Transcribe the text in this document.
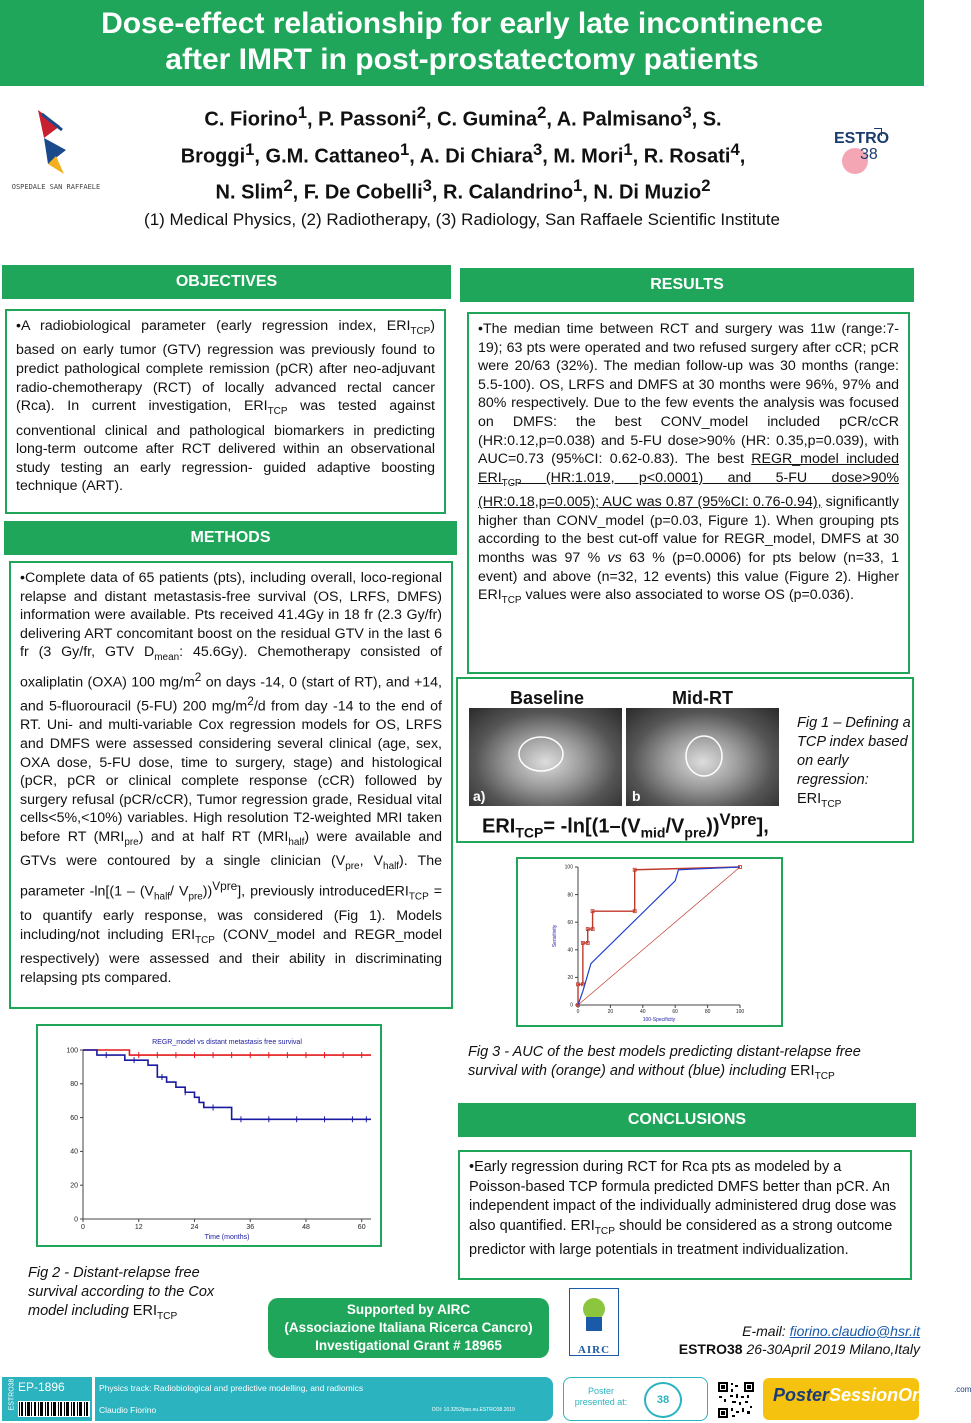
Dose-effect relationship for early late incontinence
after IMRT in post-prostatectomy patients
OSPEDALE SAN RAFFAELE
ESTRO
38
C. Fiorino$^1$, P. Passoni$^2$, C. Gumina$^2$, A. Palmisano$^3$, S.
Broggi$^1$, G.M. Cattaneo$^1$, A. Di Chiara$^3$, M. Mori$^1$, R. Rosati$^4$,
N. Slim$^2$, F. De Cobelli$^3$, R. Calandrino$^1$, N. Di Muzio$^2$
(1) Medical Physics, (2) Radiotherapy, (3) Radiology, San Raffaele Scientific Institute
OBJECTIVES

•A radiobiological parameter (early regression index, $ERI_{TCP}$) based on early tumor (GTV) regression was previously found to predict pathological complete remission (pCR) after neo-adjuvant radio-chemotherapy (RCT) of locally advanced rectal cancer (Rca). In current investigation, $ERI_{TCP}$ was tested against conventional clinical and pathological biomarkers in predicting long-term outcome after RCT delivered within an observational study testing an early regression- guided adaptive boosting technique (ART).

METHODS

•Complete data of 65 patients (pts), including overall, loco-regional relapse and distant metastasis-free survival (OS, LRFS, DMFS) information were available. Pts received 41.4Gy in 18 fr (2.3 Gy/fr) delivering ART concomitant boost on the residual GTV in the last 6 fr (3 Gy/fr, GTV $D_{mean}$: 45.6Gy). Chemotherapy consisted of oxaliplatin (OXA) 100 $mg/m^2$ on days -14, 0 (start of RT), and +14, and 5-fluorouracil (5-FU) 200 $mg/m^2/d$ from day -14 to the end of RT. Uni- and multi-variable Cox regression models for OS, LRFS and DMFS were assessed considering several clinical (age, sex, OXA dose, 5-FU dose, time to surgery, stage) and histological (pCR, pCR or clinical complete response (cCR) followed by surgery refusal (pCR/cCR), Tumor regression grade, Residual vital cells<5%,<10%) variables. High resolution T2-weighted MRI taken before RT $(MRI_{pre})$ and at half RT $(MRI_{half})$ were available and GTVs were contoured by a single clinician ($V_{pre}$, $V_{half}$). The parameter $-\ln[(1 - (V_{half}/$ $V_{pre}))^{Vpre}$], previously introducedERI$_{TCP}$ = to quantify early response, was considered (Fig 1). Models including/not including $ERI_{TCP}$ (CONV_model and REGR_model respectively) were assessed and their ability in discriminating relapsing pts compared.

RESULTS

•The median time between RCT and surgery was 11w (range:7-19); 63 pts were operated and two refused surgery after cCR; pCR were 20/63 (32%). The median follow-up was 30 months (range: 5.5-100). OS, LRFS and DMFS at 30 months were 96%, 97% and 80% respectively. Due to the few events the analysis was focused on DMFS: the best CONV_model included pCR/cCR (HR:0.12,p=0.038) and 5-FU dose>90% (HR: 0.35,p=0.039), with AUC=0.73 (95%CI: 0.62-0.83). The best REGR_model included $ERI_{TCP}$ (HR:1.019, p<0.0001) and 5-FU dose>90% (HR:0.18,p=0.005); AUC was 0.87 (95%CI: 0.76-0.94), significantly higher than CONV_model (p=0.03, Figure 1). When grouping pts according to the best cut-off value for REGR_model, DMFS at 30 months was 97 % vs 63 % (p=0.0006) for pts below (n=33, 1 event) and above (n=32, 12 events) this value (Figure 2). Higher $ERI_{TCP}$ values were also associated to worse OS (p=0.036).

Baseline	Mid-RT
a)	b
$ERI_{TCP}= -\ln[(1-(V_{mid}/V_{pre}))^{Vpre}]$,
Fig 1 – Defining a TCP index based on early regression:
$ERI_{TCP}$
0	20	40	60	80	100
0
20
40
60
80
100
100-Specificity
Sensitivity
Fig 3 - AUC of the best models predicting distant-relapse free survival with (orange) and without (blue) including $ERI_{TCP}$
CONCLUSIONS

•Early regression during RCT for Rca pts as modeled by a Poisson-based TCP formula predicted DMFS better than pCR. An independent impact of the individually administered drug dose was also quantified. $ERI_{TCP}$ should be considered as a strong outcome predictor with large potentials in treatment individualization.

0	12	24	36	48	60
0
20
40
60
80
100
REGR_model vs distant metastasis free survival
Time (months)
Fig 2 - Distant-relapse free survival according to the Cox model including $ERI_{TCP}$	Supported by AIRC
(Associazione Italiana Ricerca Cancro)
Investigational Grant # 18965	AIRC
E-mail: fiorino.claudio@hsr.it
ESTRO38 26-30April 2019 Milano,Italy
ESTRO38 EP-1896	Physics track: Radiobiological and predictive modelling, and radiomics
Claudio Fiorino	DOI: 10.3252/pso.eu.ESTRO38.2019
Poster presented at:	38	PosterSessionOnline$^{.com}$
